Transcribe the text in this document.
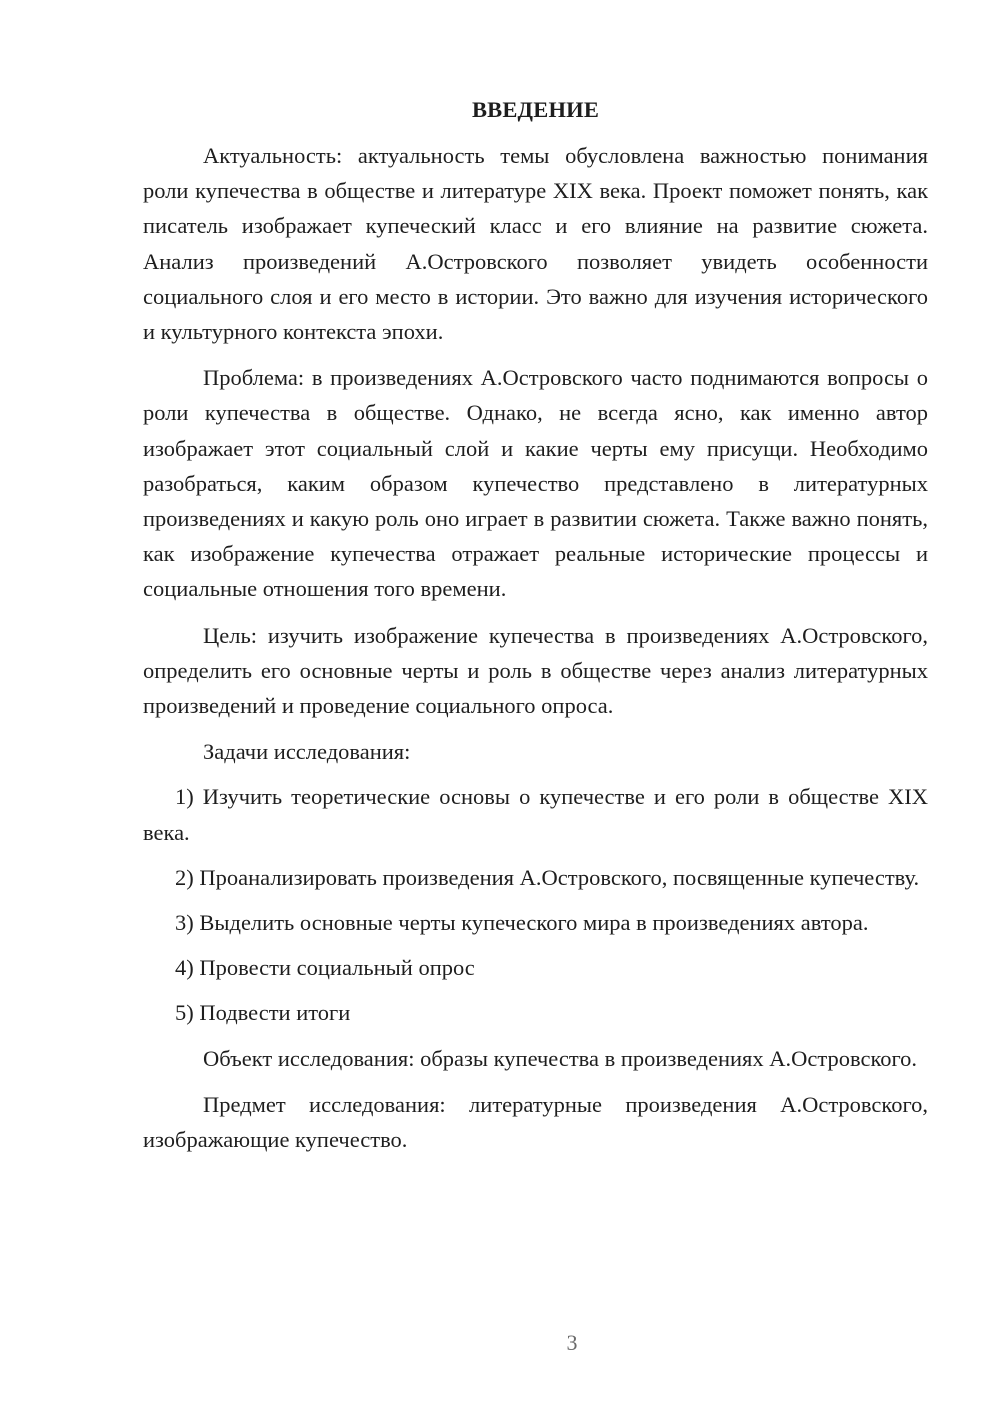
ВВЕДЕНИЕ

Актуальность: актуальность темы обусловлена важностью понимания роли купечества в обществе и литературе XIX века. Проект поможет понять, как писатель изображает купеческий класс и его влияние на развитие сюжета. Анализ произведений А.Островского позволяет увидеть особенности социального слоя и его место в истории. Это важно для изучения исторического и культурного контекста эпохи.

Проблема: в произведениях А.Островского часто поднимаются вопросы о роли купечества в обществе. Однако, не всегда ясно, как именно автор изображает этот социальный слой и какие черты ему присущи. Необходимо разобраться, каким образом купечество представлено в литературных произведениях и какую роль оно играет в развитии сюжета. Также важно понять, как изображение купечества отражает реальные исторические процессы и социальные отношения того времени.

Цель: изучить изображение купечества в произведениях А.Островского, определить его основные черты и роль в обществе через анализ литературных произведений и проведение социального опроса.

Задачи исследования:

1) Изучить теоретические основы о купечестве и его роли в обществе XIX века.

2) Проанализировать произведения А.Островского, посвященные купечеству.

3) Выделить основные черты купеческого мира в произведениях автора.

4) Провести социальный опрос

5) Подвести итоги

Объект исследования: образы купечества в произведениях А.Островского.

Предмет исследования: литературные произведения А.Островского, изображающие купечество.

3
